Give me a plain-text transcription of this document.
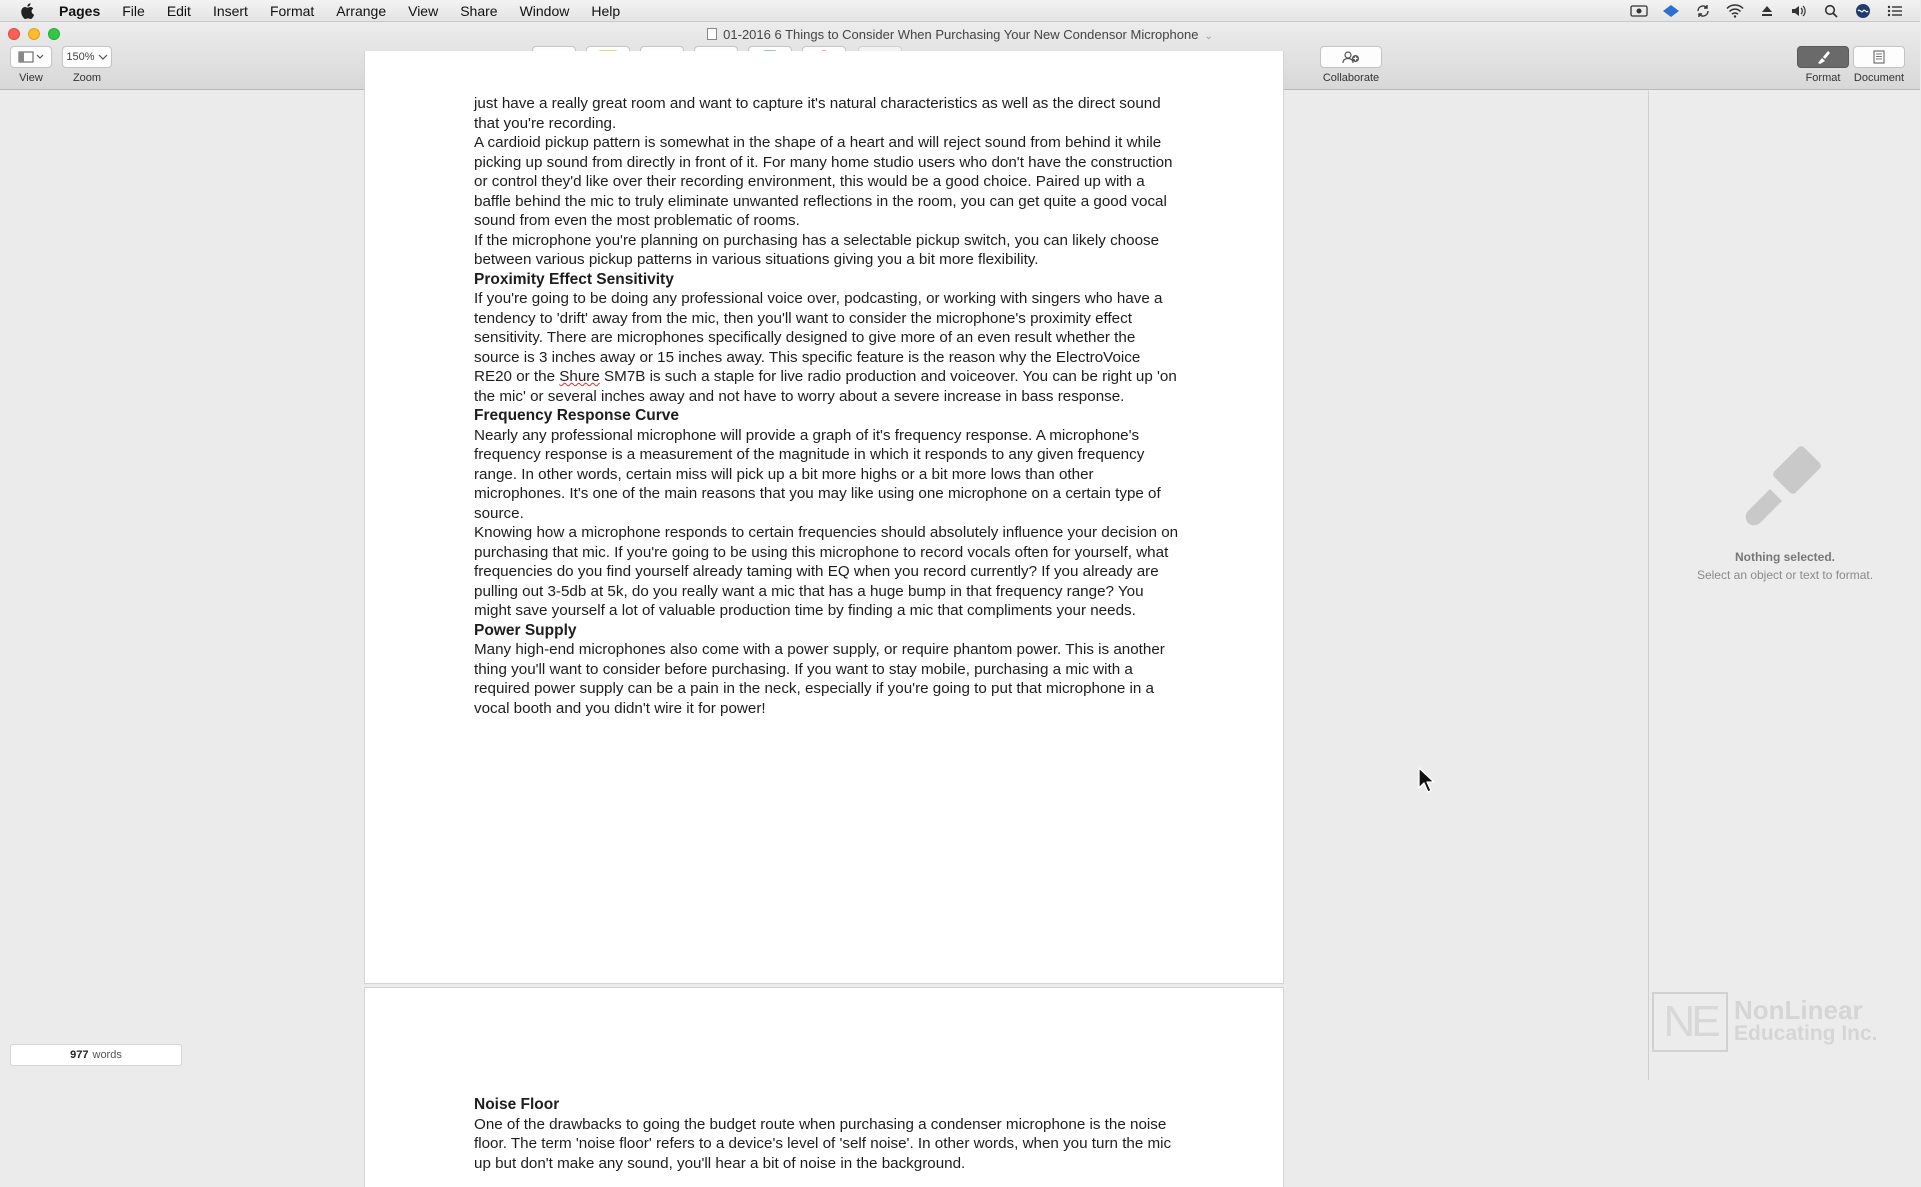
Pages	File	Edit	Insert	Format	Arrange	View	Share	Window	Help
01-2016 6 Things to Consider When Purchasing Your New Condensor Microphone ⌄
View
150%
Zoom	Collaborate	Format Document

just have a really great room and want to capture it's natural characteristics as well as the direct sound that you're recording.

A cardioid pickup pattern is somewhat in the shape of a heart and will reject sound from behind it while picking up sound from directly in front of it. For many home studio users who don't have the construction or control they'd like over their recording environment, this would be a good choice. Paired up with a baffle behind the mic to truly eliminate unwanted reflections in the room, you can get quite a good vocal sound from even the most problematic of rooms.

If the microphone you're planning on purchasing has a selectable pickup switch, you can likely choose between various pickup patterns in various situations giving you a bit more flexibility.

Proximity Effect Sensitivity

If you're going to be doing any professional voice over, podcasting, or working with singers who have a tendency to 'drift' away from the mic, then you'll want to consider the microphone's proximity effect sensitivity. There are microphones specifically designed to give more of an even result whether the source is 3 inches away or 15 inches away. This specific feature is the reason why the ElectroVoice RE20 or the Shure SM7B is such a staple for live radio production and voiceover. You can be right up 'on the mic' or several inches away and not have to worry about a severe increase in bass response.

Frequency Response Curve

Nearly any professional microphone will provide a graph of it's frequency response. A microphone's frequency response is a measurement of the magnitude in which it responds to any given frequency range. In other words, certain miss will pick up a bit more highs or a bit more lows than other microphones. It's one of the main reasons that you may like using one microphone on a certain type of source.

Knowing how a microphone responds to certain frequencies should absolutely influence your decision on purchasing that mic. If you're going to be using this microphone to record vocals often for yourself, what frequencies do you find yourself already taming with EQ when you record currently? If you already are pulling out 3-5db at 5k, do you really want a mic that has a huge bump in that frequency range? You might save yourself a lot of valuable production time by finding a mic that compliments your needs.

Power Supply

Many high-end microphones also come with a power supply, or require phantom power. This is another thing you'll want to consider before purchasing. If you want to stay mobile, purchasing a mic with a required power supply can be a pain in the neck, especially if you're going to put that microphone in a vocal booth and you didn't wire it for power!

Noise Floor

One of the drawbacks to going the budget route when purchasing a condenser microphone is the noise floor. The term 'noise floor' refers to a device's level of 'self noise'. In other words, when you turn the mic up but don't make any sound, you'll hear a bit of noise in the background.

977 words
Nothing selected.
Select an object or text to format.
NE NonLinear
Educating Inc.
